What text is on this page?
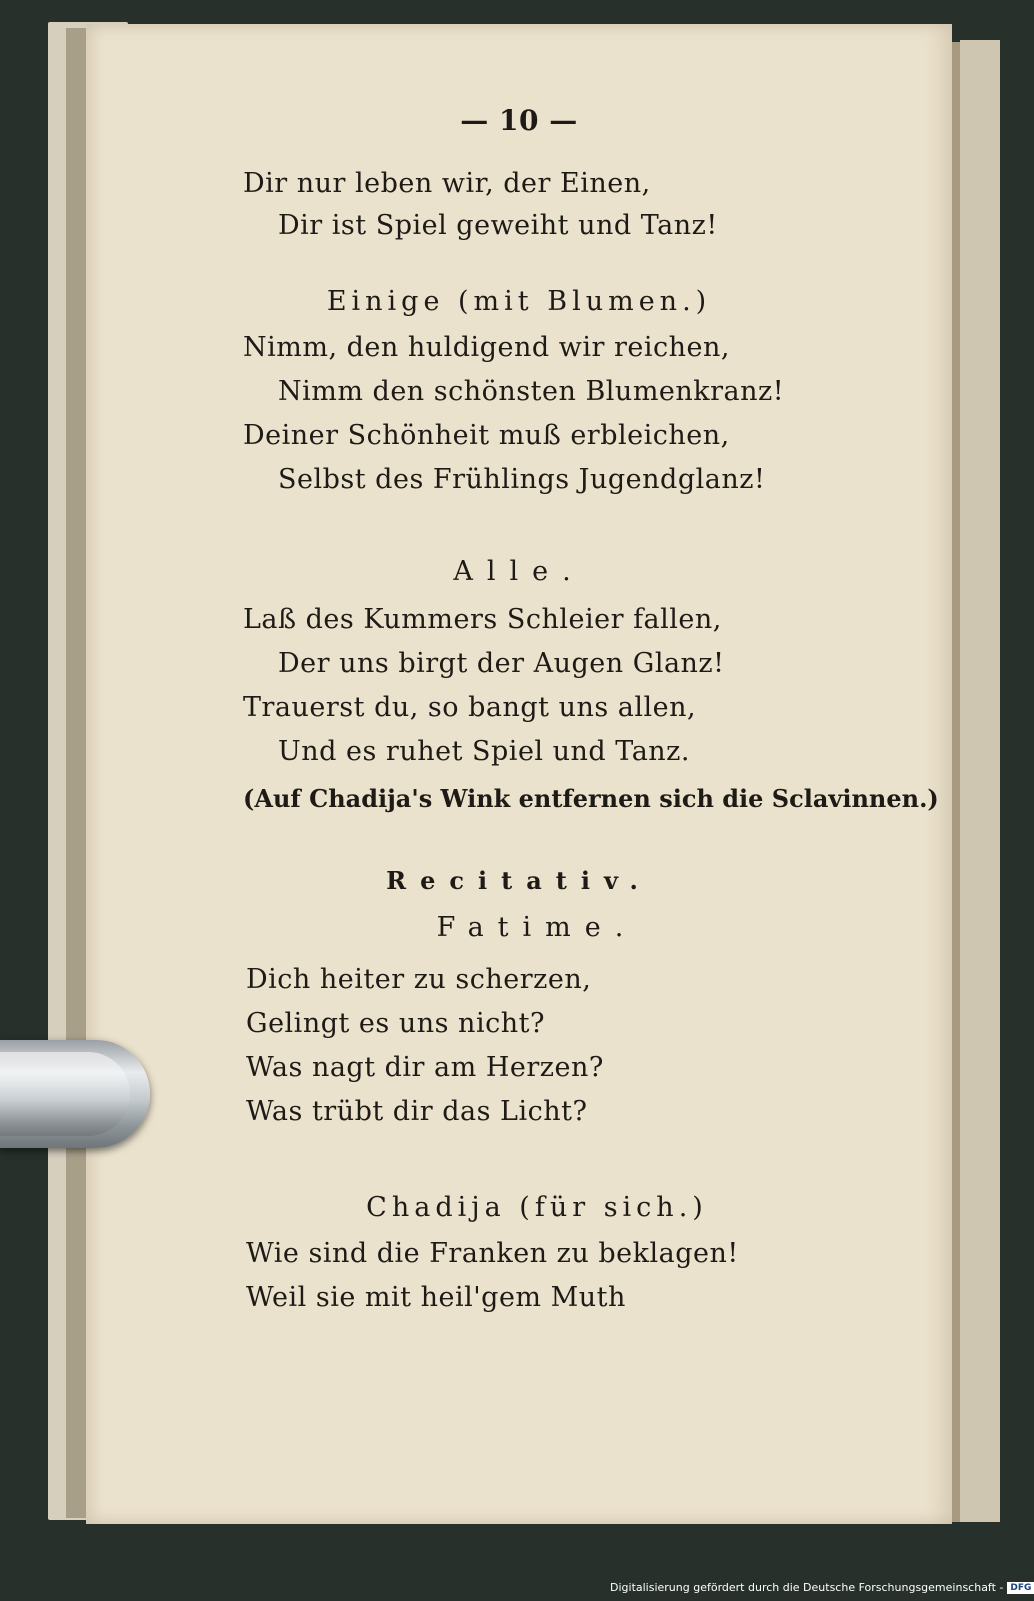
— 10 —
Dir nur leben wir, der Einen,
Dir ist Spiel geweiht und Tanz!
Einige (mit Blumen.)
Nimm, den huldigend wir reichen,
Nimm den schönsten Blumenkranz!
Deiner Schönheit muß erbleichen,
Selbst des Frühlings Jugendglanz!
Alle.
Laß des Kummers Schleier fallen,
Der uns birgt der Augen Glanz!
Trauerst du, so bangt uns allen,
Und es ruhet Spiel und Tanz.
(Auf Chadija's Wink entfernen sich die Sclavinnen.)
Recitativ.
Fatime.
Dich heiter zu scherzen,
Gelingt es uns nicht?
Was nagt dir am Herzen?
Was trübt dir das Licht?
Chadija (für sich.)
Wie sind die Franken zu beklagen!
Weil sie mit heil'gem Muth
Digitalisierung gefördert durch die Deutsche Forschungsgemeinschaft - DFG
